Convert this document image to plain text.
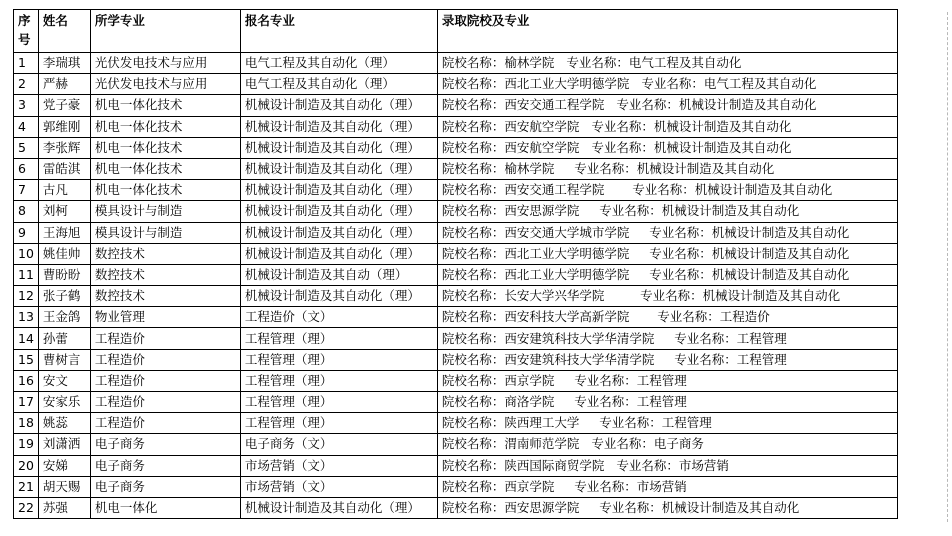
序号	姓名	所学专业	报名专业	录取院校及专业
1	李瑞琪	光伏发电技术与应用	电气工程及其自动化（理）	院校名称：榆林学院   专业名称：电气工程及其自动化
2	严赫	光伏发电技术与应用	电气工程及其自动化（理）	院校名称：西北工业大学明德学院   专业名称：电气工程及其自动化
3	党子豪	机电一体化技术	机械设计制造及其自动化（理）	院校名称：西安交通工程学院   专业名称：机械设计制造及其自动化
4	郭维刚	机电一体化技术	机械设计制造及其自动化（理）	院校名称：西安航空学院   专业名称：机械设计制造及其自动化
5	李张辉	机电一体化技术	机械设计制造及其自动化（理）	院校名称：西安航空学院   专业名称：机械设计制造及其自动化
6	雷皓淇	机电一体化技术	机械设计制造及其自动化（理）	院校名称：榆林学院     专业名称：机械设计制造及其自动化
7	古凡	机电一体化技术	机械设计制造及其自动化（理）	院校名称：西安交通工程学院       专业名称：机械设计制造及其自动化
8	刘柯	模具设计与制造	机械设计制造及其自动化（理）	院校名称：西安思源学院     专业名称：机械设计制造及其自动化
9	王海旭	模具设计与制造	机械设计制造及其自动化（理）	院校名称：西安交通大学城市学院     专业名称：机械设计制造及其自动化
10	姚佳帅	数控技术	机械设计制造及其自动化（理）	院校名称：西北工业大学明德学院     专业名称：机械设计制造及其自动化
11	曹盼盼	数控技术	机械设计制造及其自动（理）	院校名称：西北工业大学明德学院     专业名称：机械设计制造及其自动化
12	张子鹤	数控技术	机械设计制造及其自动化（理）	院校名称：长安大学兴华学院         专业名称：机械设计制造及其自动化
13	王金鸽	物业管理	工程造价（文）	院校名称：西安科技大学高新学院       专业名称：工程造价
14	孙蕾	工程造价	工程管理（理）	院校名称：西安建筑科技大学华清学院     专业名称：工程管理
15	曹树言	工程造价	工程管理（理）	院校名称：西安建筑科技大学华清学院     专业名称：工程管理
16	安文	工程造价	工程管理（理）	院校名称：西京学院     专业名称：工程管理
17	安家乐	工程造价	工程管理（理）	院校名称：商洛学院     专业名称：工程管理
18	姚蕊	工程造价	工程管理（理）	院校名称：陕西理工大学     专业名称：工程管理
19	刘潇洒	电子商务	电子商务（文）	院校名称：渭南师范学院   专业名称：电子商务
20	安娣	电子商务	市场营销（文）	院校名称：陕西国际商贸学院   专业名称：市场营销
21	胡天赐	电子商务	市场营销（文）	院校名称：西京学院     专业名称：市场营销
22	苏强	机电一体化	机械设计制造及其自动化（理）	院校名称：西安思源学院     专业名称：机械设计制造及其自动化
